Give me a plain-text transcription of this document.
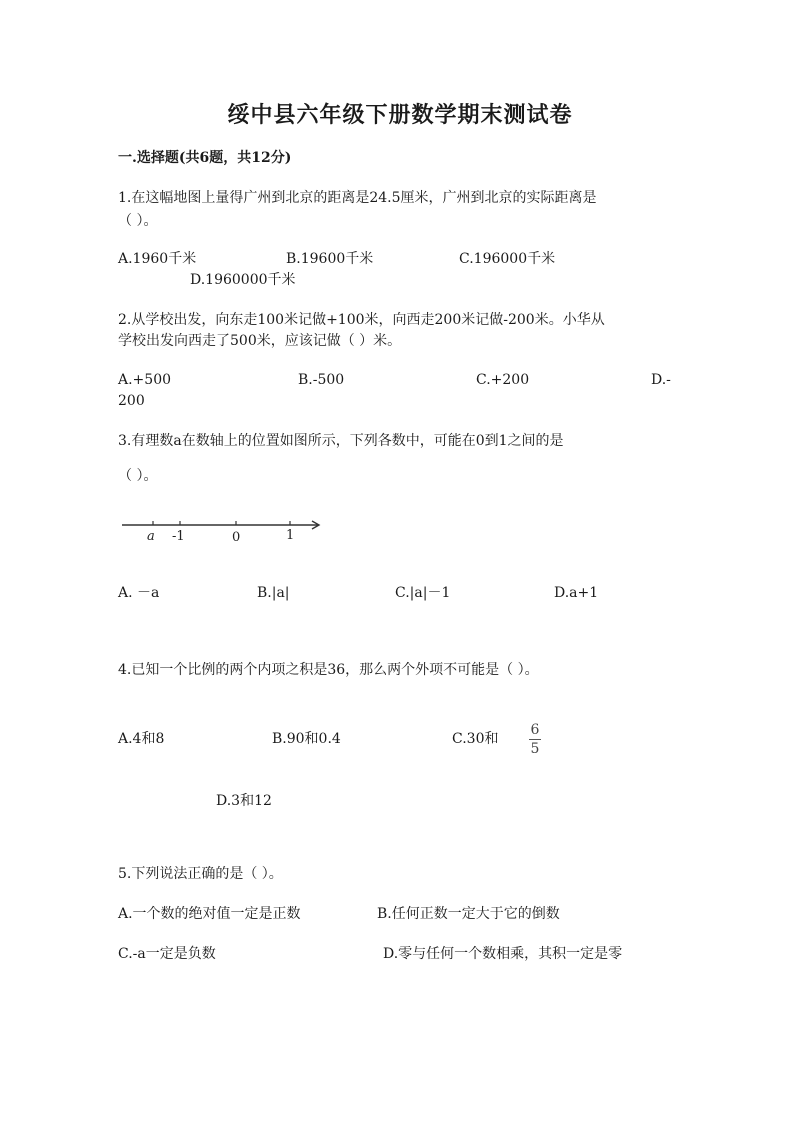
绥中县六年级下册数学期末测试卷
一.选择题(共6题，共12分)
1.在这幅地图上量得广州到北京的距离是24.5厘米，广州到北京的实际距离是
（ ）。
A.1960千米	B.19600千米	C.196000千米
D.1960000千米
2.从学校出发，向东走100米记做+100米，向西走200米记做-200米。小华从
学校出发向西走了500米，应该记做（ ）米。
A.+500	B.-500	C.+200	D.-
200
3.有理数a在数轴上的位置如图所示，下列各数中，可能在0到1之间的是
（ ）。
a -1	0	1
A. －a	B.|a|	C.|a|－1	D.a+1
4.已知一个比例的两个内项之积是36，那么两个外项不可能是（ ）。
A.4和8	B.90和0.4	C.30和
6
5
D.3和12
5.下列说法正确的是（ ）。
A.一个数的绝对值一定是正数	B.任何正数一定大于它的倒数
C.-a一定是负数	D.零与任何一个数相乘，其积一定是零
